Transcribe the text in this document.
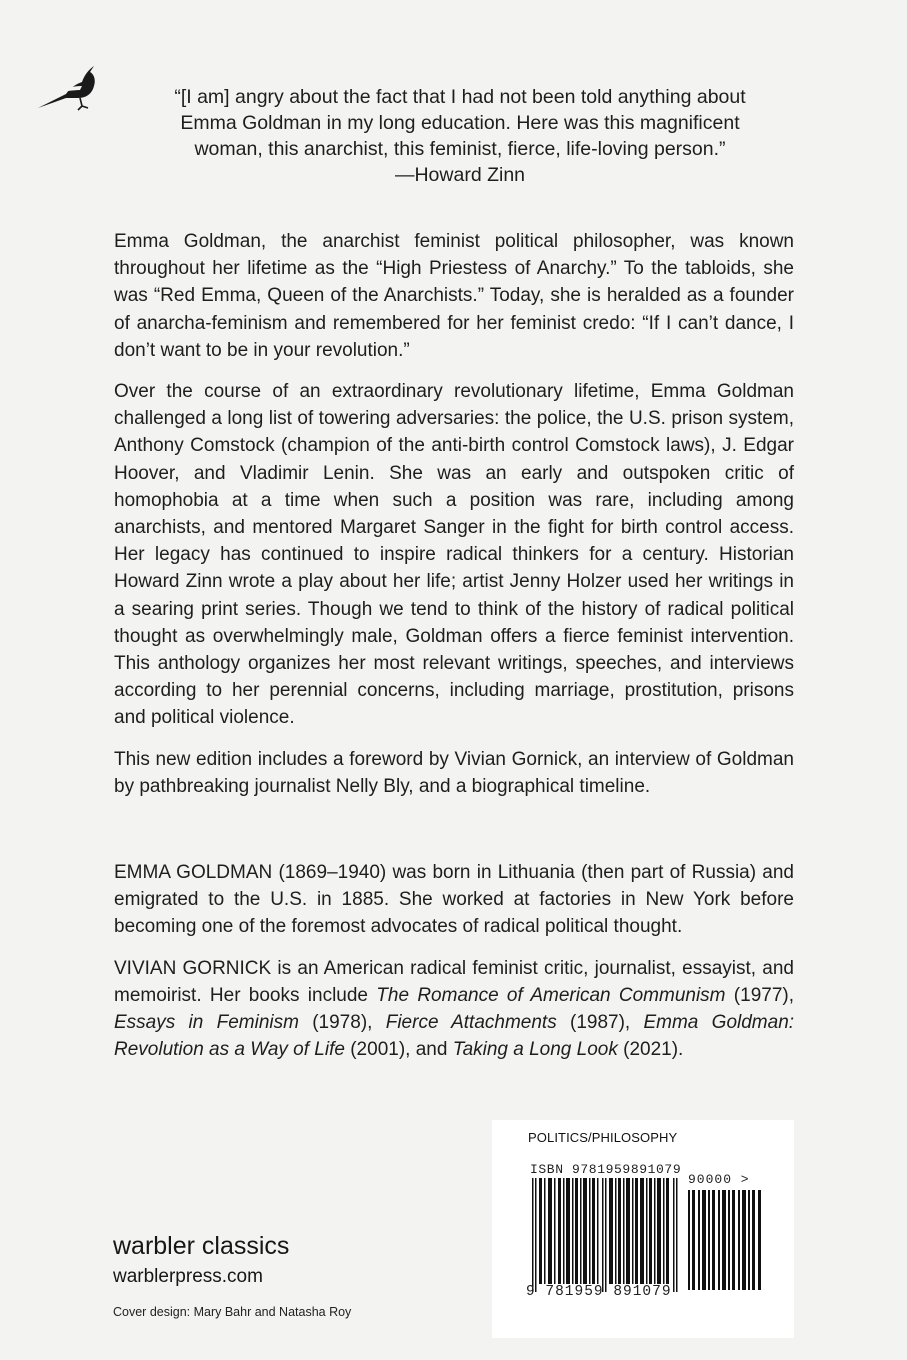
“[I am] angry about the fact that I had not been told anything about
Emma Goldman in my long education. Here was this magnificent
woman, this anarchist, this feminist, fierce, life-loving person.”
—Howard Zinn

Emma Goldman, the anarchist feminist political philosopher, was known throughout her lifetime as the “High Priestess of Anarchy.” To the tabloids, she was “Red Emma, Queen of the Anarchists.” Today, she is heralded as a founder of anarcha-feminism and remembered for her feminist credo: “If I can’t dance, I don’t want to be in your revolution.”

Over the course of an extraordinary revolutionary lifetime, Emma Goldman challenged a long list of towering adversaries: the police, the U.S. prison system, Anthony Comstock (champion of the anti-birth control Comstock laws), J. Edgar Hoover, and Vladimir Lenin. She was an early and outspoken critic of homophobia at a time when such a position was rare, including among anarchists, and mentored Margaret Sanger in the fight for birth control access. Her legacy has continued to inspire radical thinkers for a century. Historian Howard Zinn wrote a play about her life; artist Jenny Holzer used her writings in a searing print series. Though we tend to think of the history of radical political thought as overwhelmingly male, Goldman offers a fierce feminist intervention. This anthology organizes her most relevant writings, speeches, and interviews according to her perennial concerns, including marriage, prostitution, prisons and political violence.

This new edition includes a foreword by Vivian Gornick, an interview of Goldman by pathbreaking journalist Nelly Bly, and a biographical timeline.

EMMA GOLDMAN (1869–1940) was born in Lithuania (then part of Russia) and emigrated to the U.S. in 1885. She worked at factories in New York before becoming one of the foremost advocates of radical political thought.

VIVIAN GORNICK is an American radical feminist critic, journalist, essayist, and memoirist. Her books include The Romance of American Communism (1977), Essays in Feminism (1978), Fierce Attachments (1987), Emma Goldman: Revolution as a Way of Life (2001), and Taking a Long Look (2021).

POLITICS/PHILOSOPHY
ISBN 9781959891079
90000 >
9 781959 891079
warbler classics
warblerpress.com
Cover design: Mary Bahr and Natasha Roy
